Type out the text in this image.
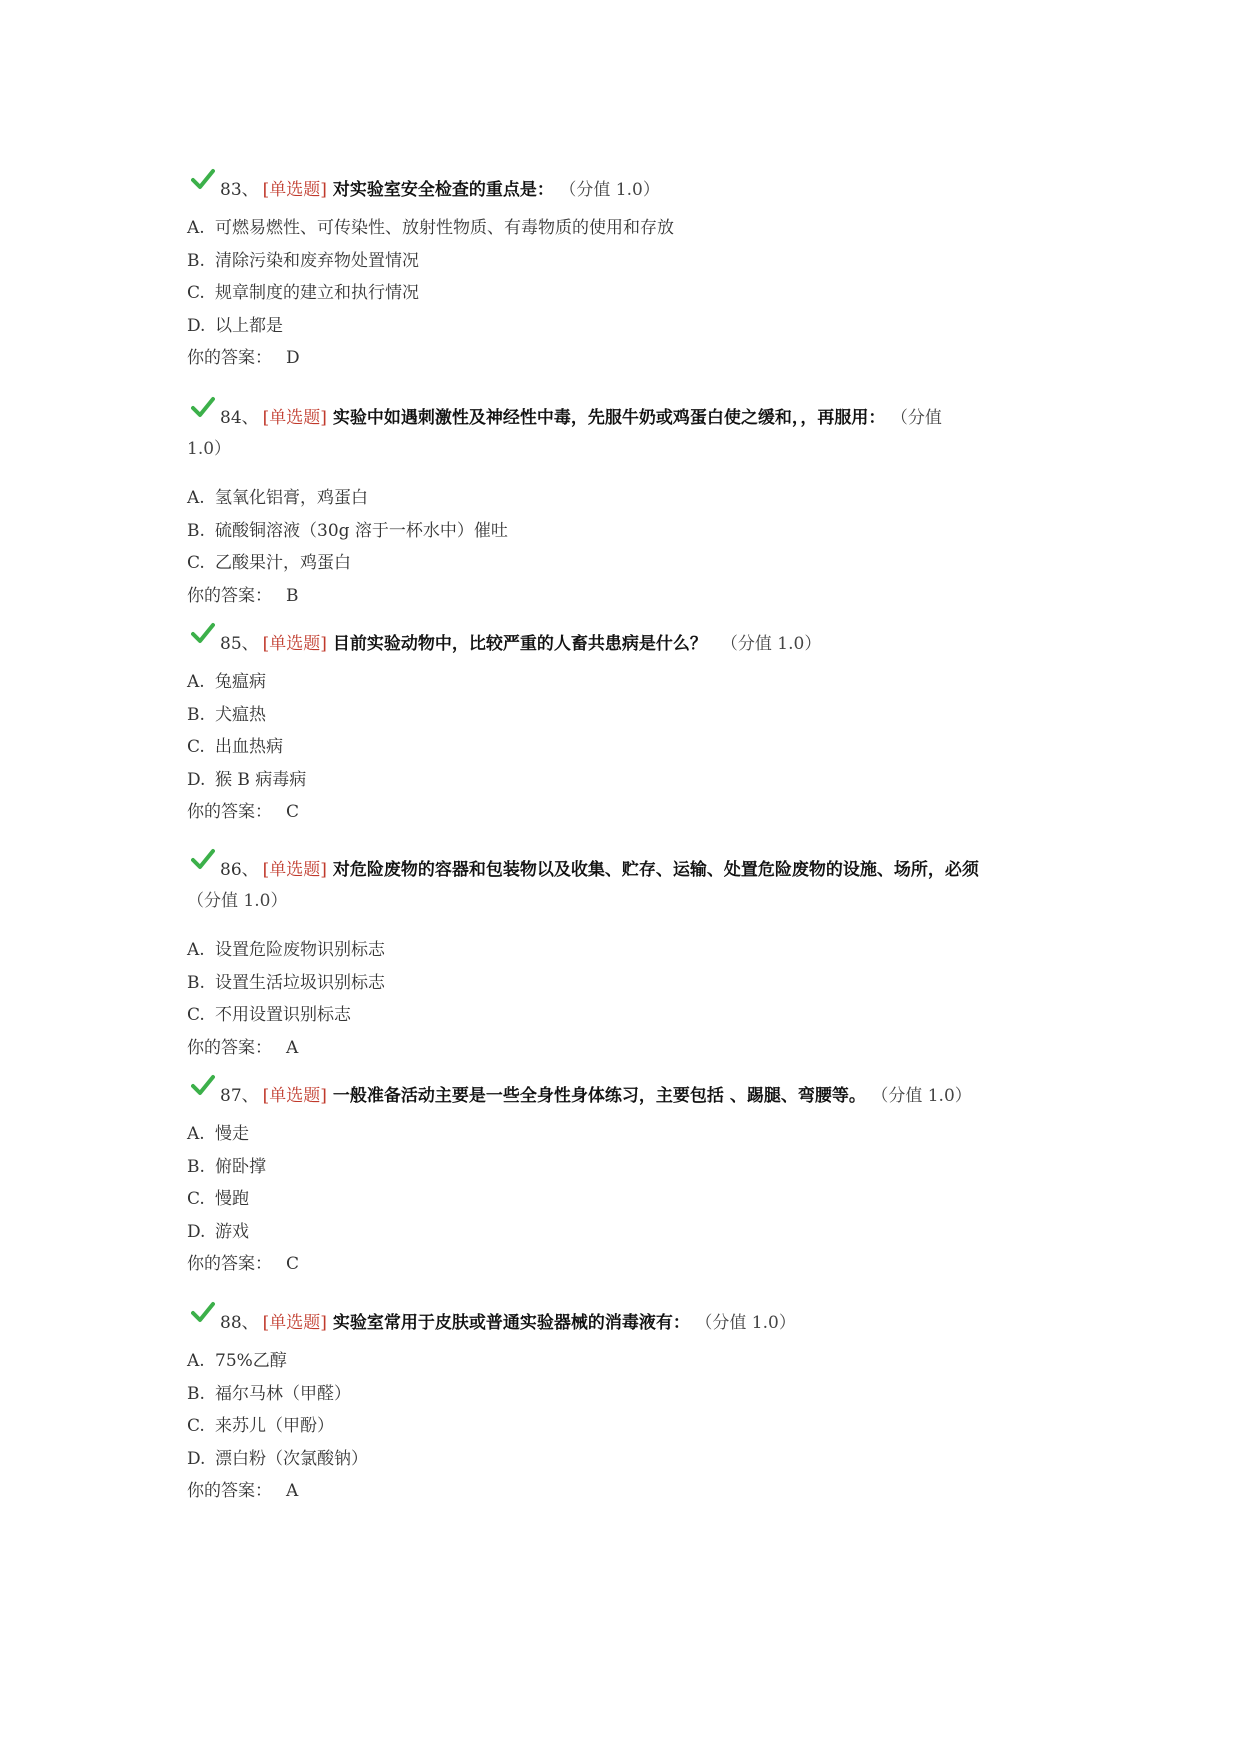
83、 [单选题] 对实验室安全检查的重点是： （分值 1.0）
A. 可燃易燃性、可传染性、放射性物质、有毒物质的使用和存放
B. 清除污染和废弃物处置情况
C. 规章制度的建立和执行情况
D. 以上都是
你的答案： D
84、 [单选题] 实验中如遇刺激性及神经性中毒，先服牛奶或鸡蛋白使之缓和，，再服用： （分值
1.0）
A. 氢氧化铝膏，鸡蛋白
B. 硫酸铜溶液（30g 溶于一杯水中）催吐
C. 乙酸果汁，鸡蛋白
你的答案： B
85、 [单选题] 目前实验动物中，比较严重的人畜共患病是什么？ （分值 1.0）
A. 兔瘟病
B. 犬瘟热
C. 出血热病
D. 猴 B 病毒病
你的答案： C
86、 [单选题] 对危险废物的容器和包装物以及收集、贮存、运输、处置危险废物的设施、场所，必须
（分值 1.0）
A. 设置危险废物识别标志
B. 设置生活垃圾识别标志
C. 不用设置识别标志
你的答案： A
87、 [单选题] 一般准备活动主要是一些全身性身体练习，主要包括 、踢腿、弯腰等。 （分值 1.0）
A. 慢走
B. 俯卧撑
C. 慢跑
D. 游戏
你的答案： C
88、 [单选题] 实验室常用于皮肤或普通实验器械的消毒液有： （分值 1.0）
A. 75%乙醇
B. 福尔马林（甲醛）
C. 来苏儿（甲酚）
D. 漂白粉（次氯酸钠）
你的答案： A
